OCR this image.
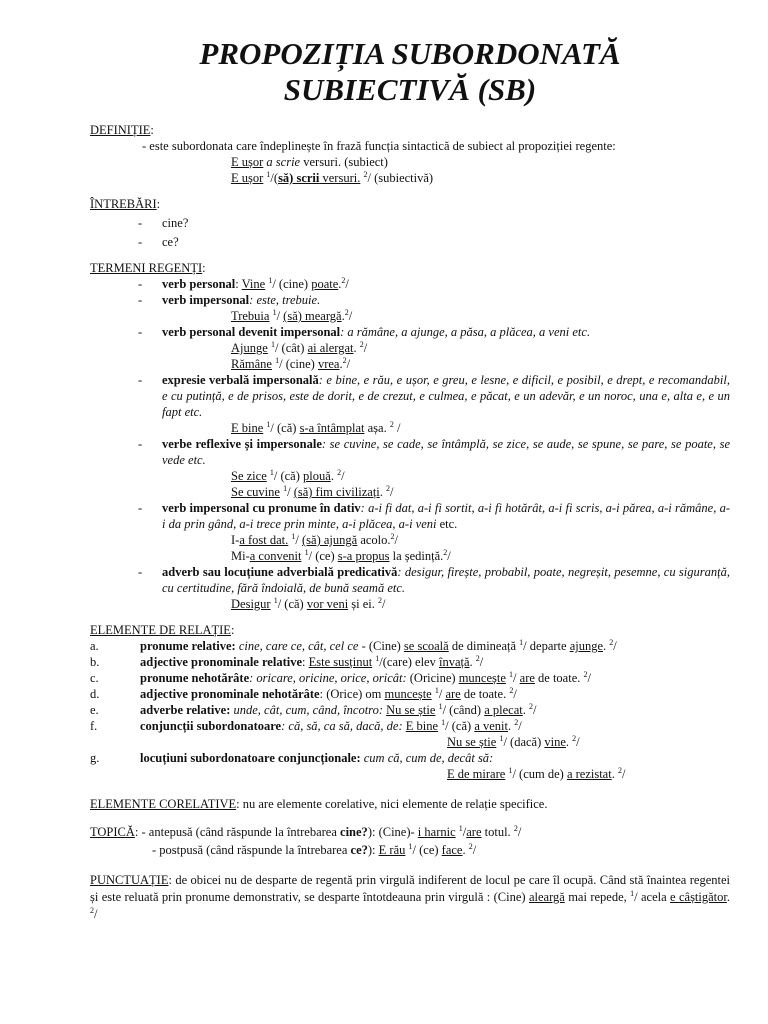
PROPOZIȚIA SUBORDONATĂ
SUBIECTIVĂ (SB)
DEFINIȚIE:
- este subordonata care îndeplinește în frază funcția sintactică de subiect al propoziției regente:
E ușor a scrie versuri. (subiect)
E ușor $^1$/(să) scrii versuri. $^2$/ (subiectivă)
ÎNTREBĂRI:
- cine?
- ce?
TERMENI REGENȚI:
- verb personal: Vine $^1$/ (cine) poate.$^2$/
- verb impersonal: este, trebuie.
Trebuia $^1$/ (să) meargă.$^2$/
- verb personal devenit impersonal: a rămâne, a ajunge, a păsa, a plăcea, a veni etc.
Ajunge $^1$/ (cât) ai alergat. $^2$/
Rămâne $^1$/ (cine) vrea.$^2$/
- expresie verbală impersonală: e bine, e rău, e ușor, e greu, e lesne, e dificil, e posibil, e drept, e recomandabil, e cu putință, e de prisos, este de dorit, e de crezut, e culmea, e păcat, e un adevăr, e un noroc, una e, alta e, e un fapt etc.
E bine $^1$/ (că) s-a întâmplat așa. $^2$ /
- verbe reflexive și impersonale: se cuvine, se cade, se întâmplă, se zice, se aude, se spune, se pare, se poate, se vede etc.
Se zice $^1$/ (că) plouă. $^2$/
Se cuvine $^1$/ (să) fim civilizați. $^2$/
- verb impersonal cu pronume în dativ: a-i fi dat, a-i fi sortit, a-i fi hotărât, a-i fi scris, a-i părea, a-i rămâne, a-i da prin gând, a-i trece prin minte, a-i plăcea, a-i veni etc.
I-a fost dat. $^1$/ (să) ajungă acolo.$^2$/
Mi-a convenit $^1$/ (ce) s-a propus la ședință.$^2$/
- adverb sau locuțiune adverbială predicativă: desigur, firește, probabil, poate, negreșit, pesemne, cu siguranță, cu certitudine, fără îndoială, de bună seamă etc.
Desigur $^1$/ (că) vor veni și ei. $^2$/
ELEMENTE DE RELAȚIE:
a.	pronume relative: cine, care ce, cât, cel ce - (Cine) se scoală de dimineață $^1$/ departe ajunge. $^2$/
b.	adjective pronominale relative: Este susținut $^1$/(care) elev învață. $^2$/
c.	pronume nehotărâte: oricare, oricine, orice, oricât: (Oricine) muncește $^1$/ are de toate. $^2$/
d.	adjective pronominale nehotărâte: (Orice) om muncește $^1$/ are de toate. $^2$/
e.	adverbe relative: unde, cât, cum, când, încotro: Nu se știe $^1$/ (când) a plecat. $^2$/
f.	conjuncții subordonatoare: că, să, ca să, dacă, de: E bine $^1$/ (că) a venit. $^2$/
Nu se știe $^1$/ (dacă) vine. $^2$/
g.	locuțiuni subordonatoare conjuncționale: cum că, cum de, decât să:
E de mirare $^1$/ (cum de) a rezistat. $^2$/
ELEMENTE CORELATIVE: nu are elemente corelative, nici elemente de relație specifice.
TOPICĂ: - antepusă (când răspunde la întrebarea cine?): (Cine)- i harnic $^1$/are totul. $^2$/
- postpusă (când răspunde la întrebarea ce?): E rău $^1$/ (ce) face. $^2$/
PUNCTUAȚIE: de obicei nu de desparte de regentă prin virgulă indiferent de locul pe care îl ocupă. Când stă înaintea regentei și este reluată prin pronume demonstrativ, se desparte întotdeauna prin virgulă : (Cine) aleargă mai repede, $^1$/ acela e câștigător. $^2$/
